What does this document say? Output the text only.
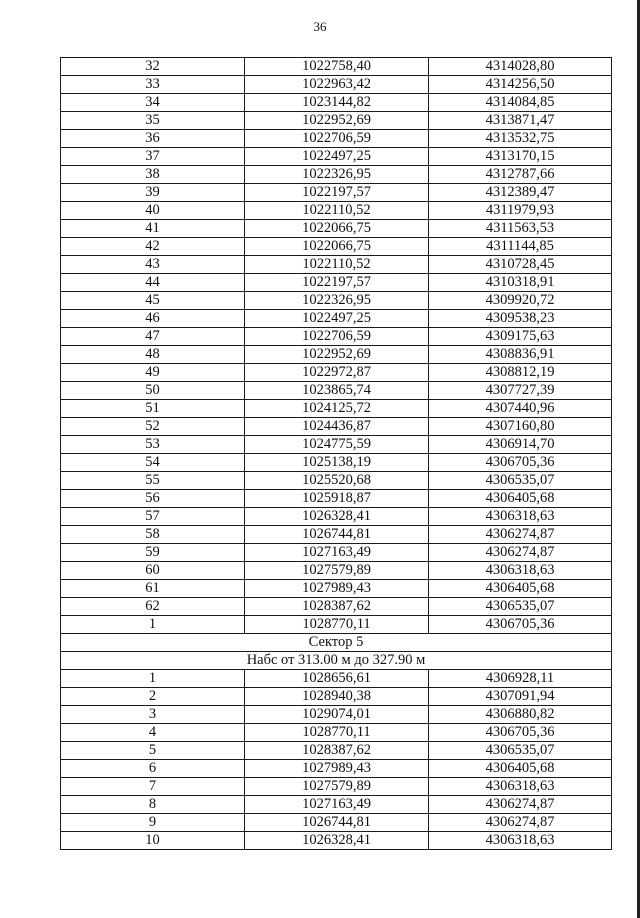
36
32	1022758,40	4314028,80
33	1022963,42	4314256,50
34	1023144,82	4314084,85
35	1022952,69	4313871,47
36	1022706,59	4313532,75
37	1022497,25	4313170,15
38	1022326,95	4312787,66
39	1022197,57	4312389,47
40	1022110,52	4311979,93
41	1022066,75	4311563,53
42	1022066,75	4311144,85
43	1022110,52	4310728,45
44	1022197,57	4310318,91
45	1022326,95	4309920,72
46	1022497,25	4309538,23
47	1022706,59	4309175,63
48	1022952,69	4308836,91
49	1022972,87	4308812,19
50	1023865,74	4307727,39
51	1024125,72	4307440,96
52	1024436,87	4307160,80
53	1024775,59	4306914,70
54	1025138,19	4306705,36
55	1025520,68	4306535,07
56	1025918,87	4306405,68
57	1026328,41	4306318,63
58	1026744,81	4306274,87
59	1027163,49	4306274,87
60	1027579,89	4306318,63
61	1027989,43	4306405,68
62	1028387,62	4306535,07
1	1028770,11	4306705,36
Сектор 5		
Набс от 313.00 м до 327.90 м		
1	1028656,61	4306928,11
2	1028940,38	4307091,94
3	1029074,01	4306880,82
4	1028770,11	4306705,36
5	1028387,62	4306535,07
6	1027989,43	4306405,68
7	1027579,89	4306318,63
8	1027163,49	4306274,87
9	1026744,81	4306274,87
10	1026328,41	4306318,63
